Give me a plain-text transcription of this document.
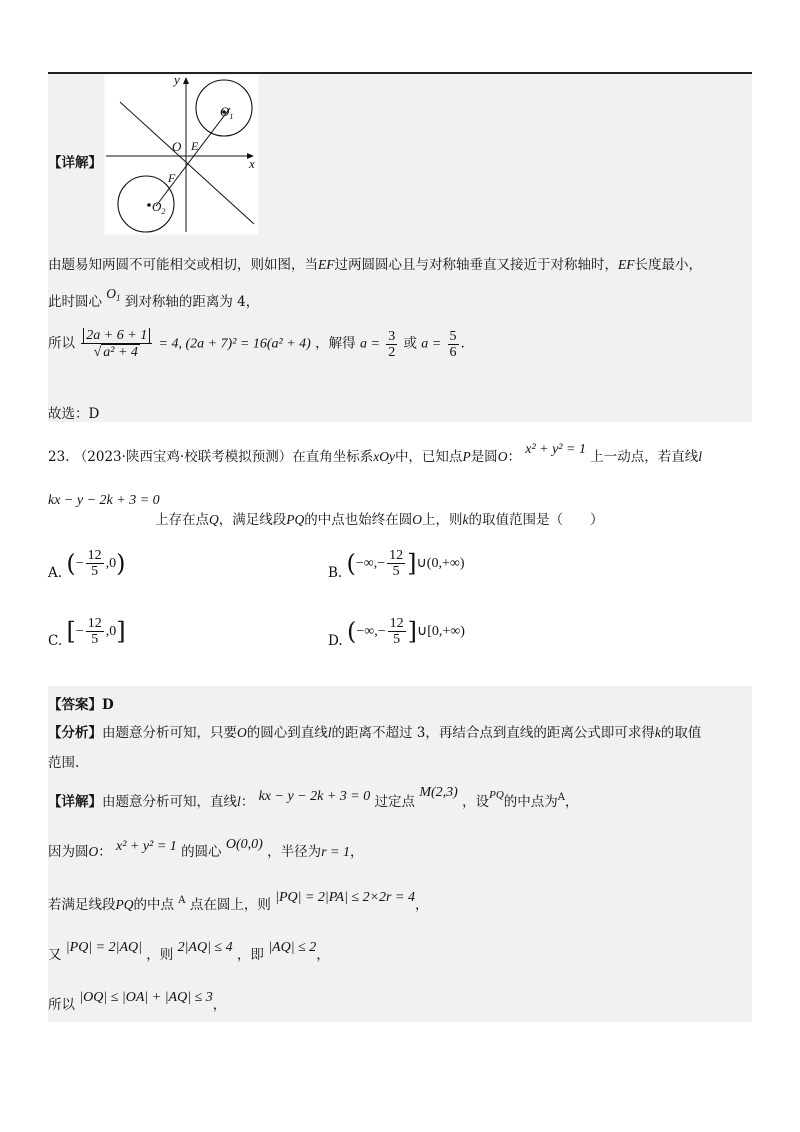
【详解】
y
x
O E
F
$O_1$
$O_2$
由题易知两圆不可能相交或相切，则如图，当EF过两圆圆心且与对称轴垂直又接近于对称轴时，EF长度最小，
此时圆心 $O_1$ 到对称轴的距离为 4，
所以 $\frac{2a + 6 + 1}{\text{√ a² + 4}} = 4$, (2a + 7)² = 16(a² + 4) ，解得 $a = \frac{3}{2}$ 或 $a = \frac{5}{6}$ .
故选：D
23. （2023·陕西宝鸡·校联考模拟预测）在直角坐标系xOy中，已知点P是圆O： x² + y² = 1 上一动点，若直线l
kx − y − 2k + 3 = 0
上存在点Q，满足线段PQ的中点也始终在圆O上，则k的取值范围是（　　）
A. (− $\frac{12}{5} ,0$)	B. (−∞,− $\frac{12}{5}$ ]∪(0,+∞)
C. [− $\frac{12}{5} ,0$]	D. (−∞,− $\frac{12}{5}$ ]∪[0,+∞)
【答案】D
【分析】由题意分析可知，只要O的圆心到直线l的距离不超过 3，再结合点到直线的距离公式即可求得k的取值
范围.
【详解】由题意分析可知，直线l： kx − y − 2k + 3 = 0 过定点 M(2,3) ，设$^{PQ}$的中点为$^A$，
因为圆O： x² + y² = 1 的圆心 O(0,0) ，半径为r = 1，
若满足线段PQ的中点 $^A$ 点在圆上，则 |PQ| = 2|PA| ≤ 2×2r = 4，
又 |PQ| = 2|AQ| ，则 2|AQ| ≤ 4 ，即 |AQ| ≤ 2，
所以 |OQ| ≤ |OA| + |AQ| ≤ 3，
